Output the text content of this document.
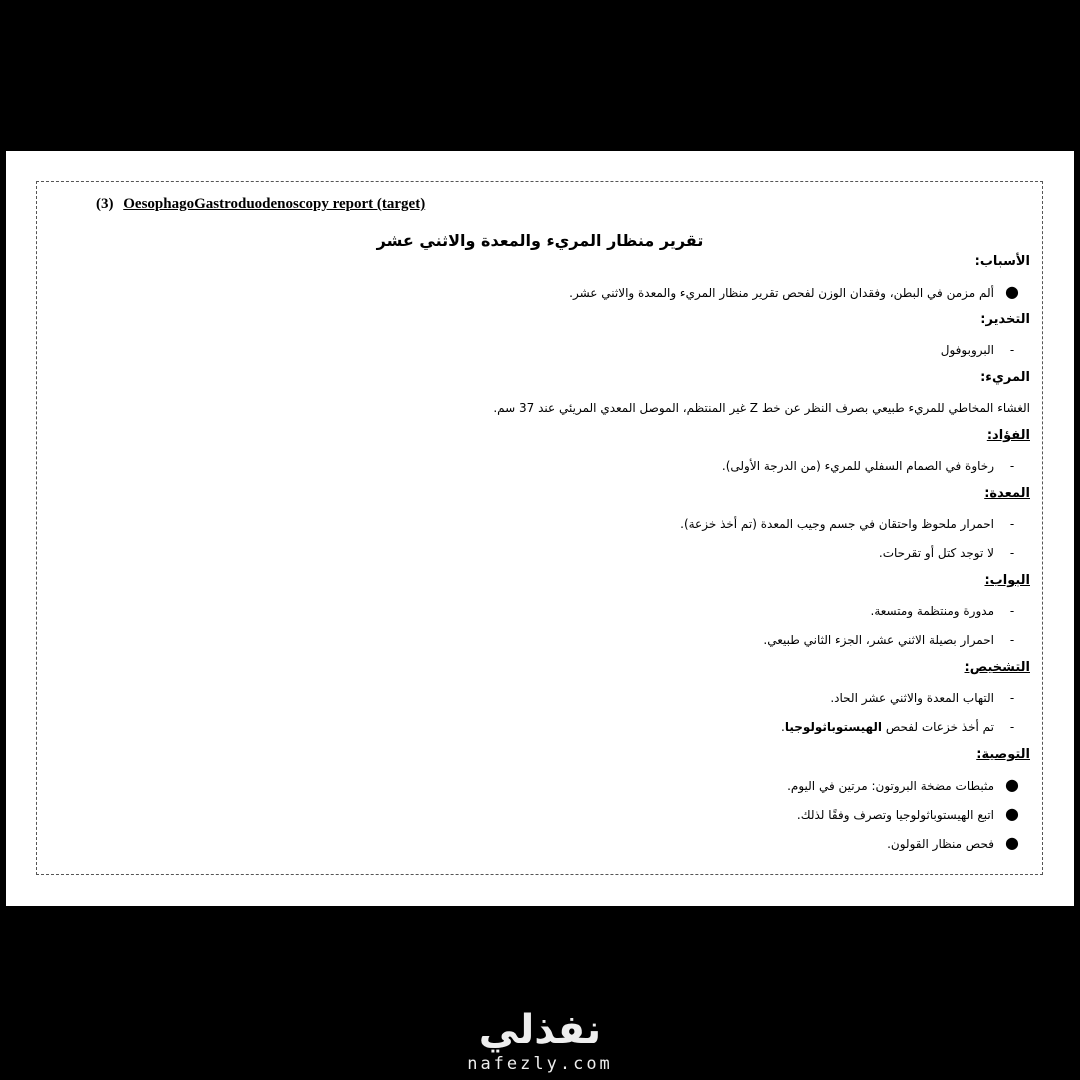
(3) OesophagoGastroduodenoscopy report (target)
تقرير منظار المريء والمعدة والاثني عشر
الأسباب:
●ألم مزمن في البطن، وفقدان الوزن لفحص تقرير منظار المريء والمعدة والاثني عشر.
التخدير:
-البروبوفول
المريء:
الغشاء المخاطي للمريء طبيعي بصرف النظر عن خط Z غير المنتظم، الموصل المعدي المريئي عند 37 سم.
الفؤاد:
-رخاوة في الصمام السفلي للمريء (من الدرجة الأولى).
المعدة:
-احمرار ملحوظ واحتقان في جسم وجيب المعدة (تم أخذ خزعة).
-لا توجد كتل أو تقرحات.
البواب:
-مدورة ومنتظمة ومتسعة.
-احمرار بصيلة الاثني عشر، الجزء الثاني طبيعي.
التشخيص:
-التهاب المعدة والاثني عشر الحاد.
-تم أخذ خزعات لفحص الهيستوباثولوجيا.
التوصية:
●مثبطات مضخة البروتون: مرتين في اليوم.
●اتبع الهيستوباثولوجيا وتصرف وفقًا لذلك.
●فحص منظار القولون.
نفذلي
nafezly.com
